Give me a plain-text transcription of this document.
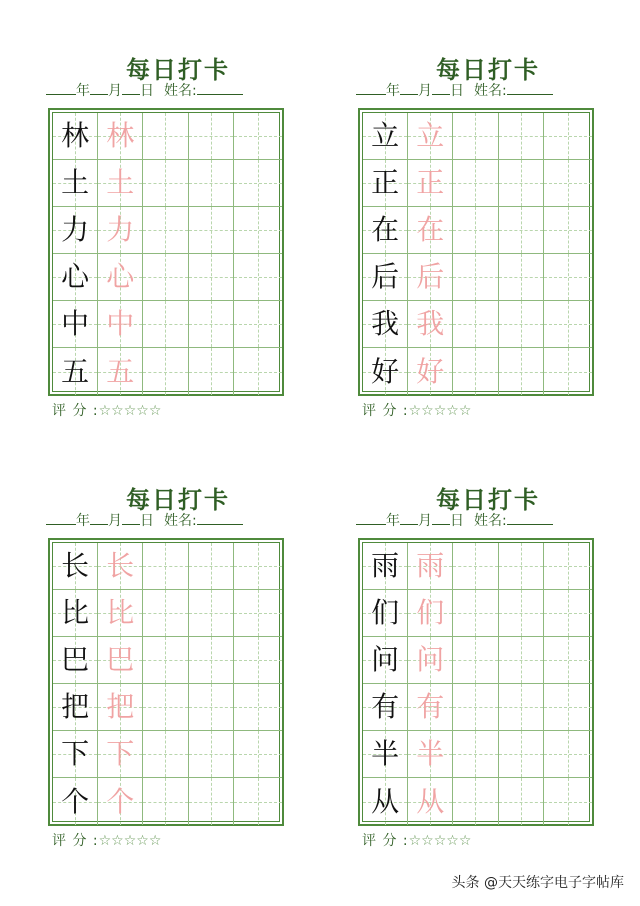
每日打卡
年 月 日 姓名:
林 林
土 土
力 力
心 心
中 中
五 五
评 分 :☆☆☆☆☆
每日打卡
年 月 日 姓名:
立 立
正 正
在 在
后 后
我 我
好 好
评 分 :☆☆☆☆☆
每日打卡
年 月 日 姓名:
长 长
比 比
巴 巴
把 把
下 下
个 个
评 分 :☆☆☆☆☆
每日打卡
年 月 日 姓名:
雨 雨
们 们
问 问
有 有
半 半
从 从
评 分 :☆☆☆☆☆
头条 @天天练字电子字帖库
